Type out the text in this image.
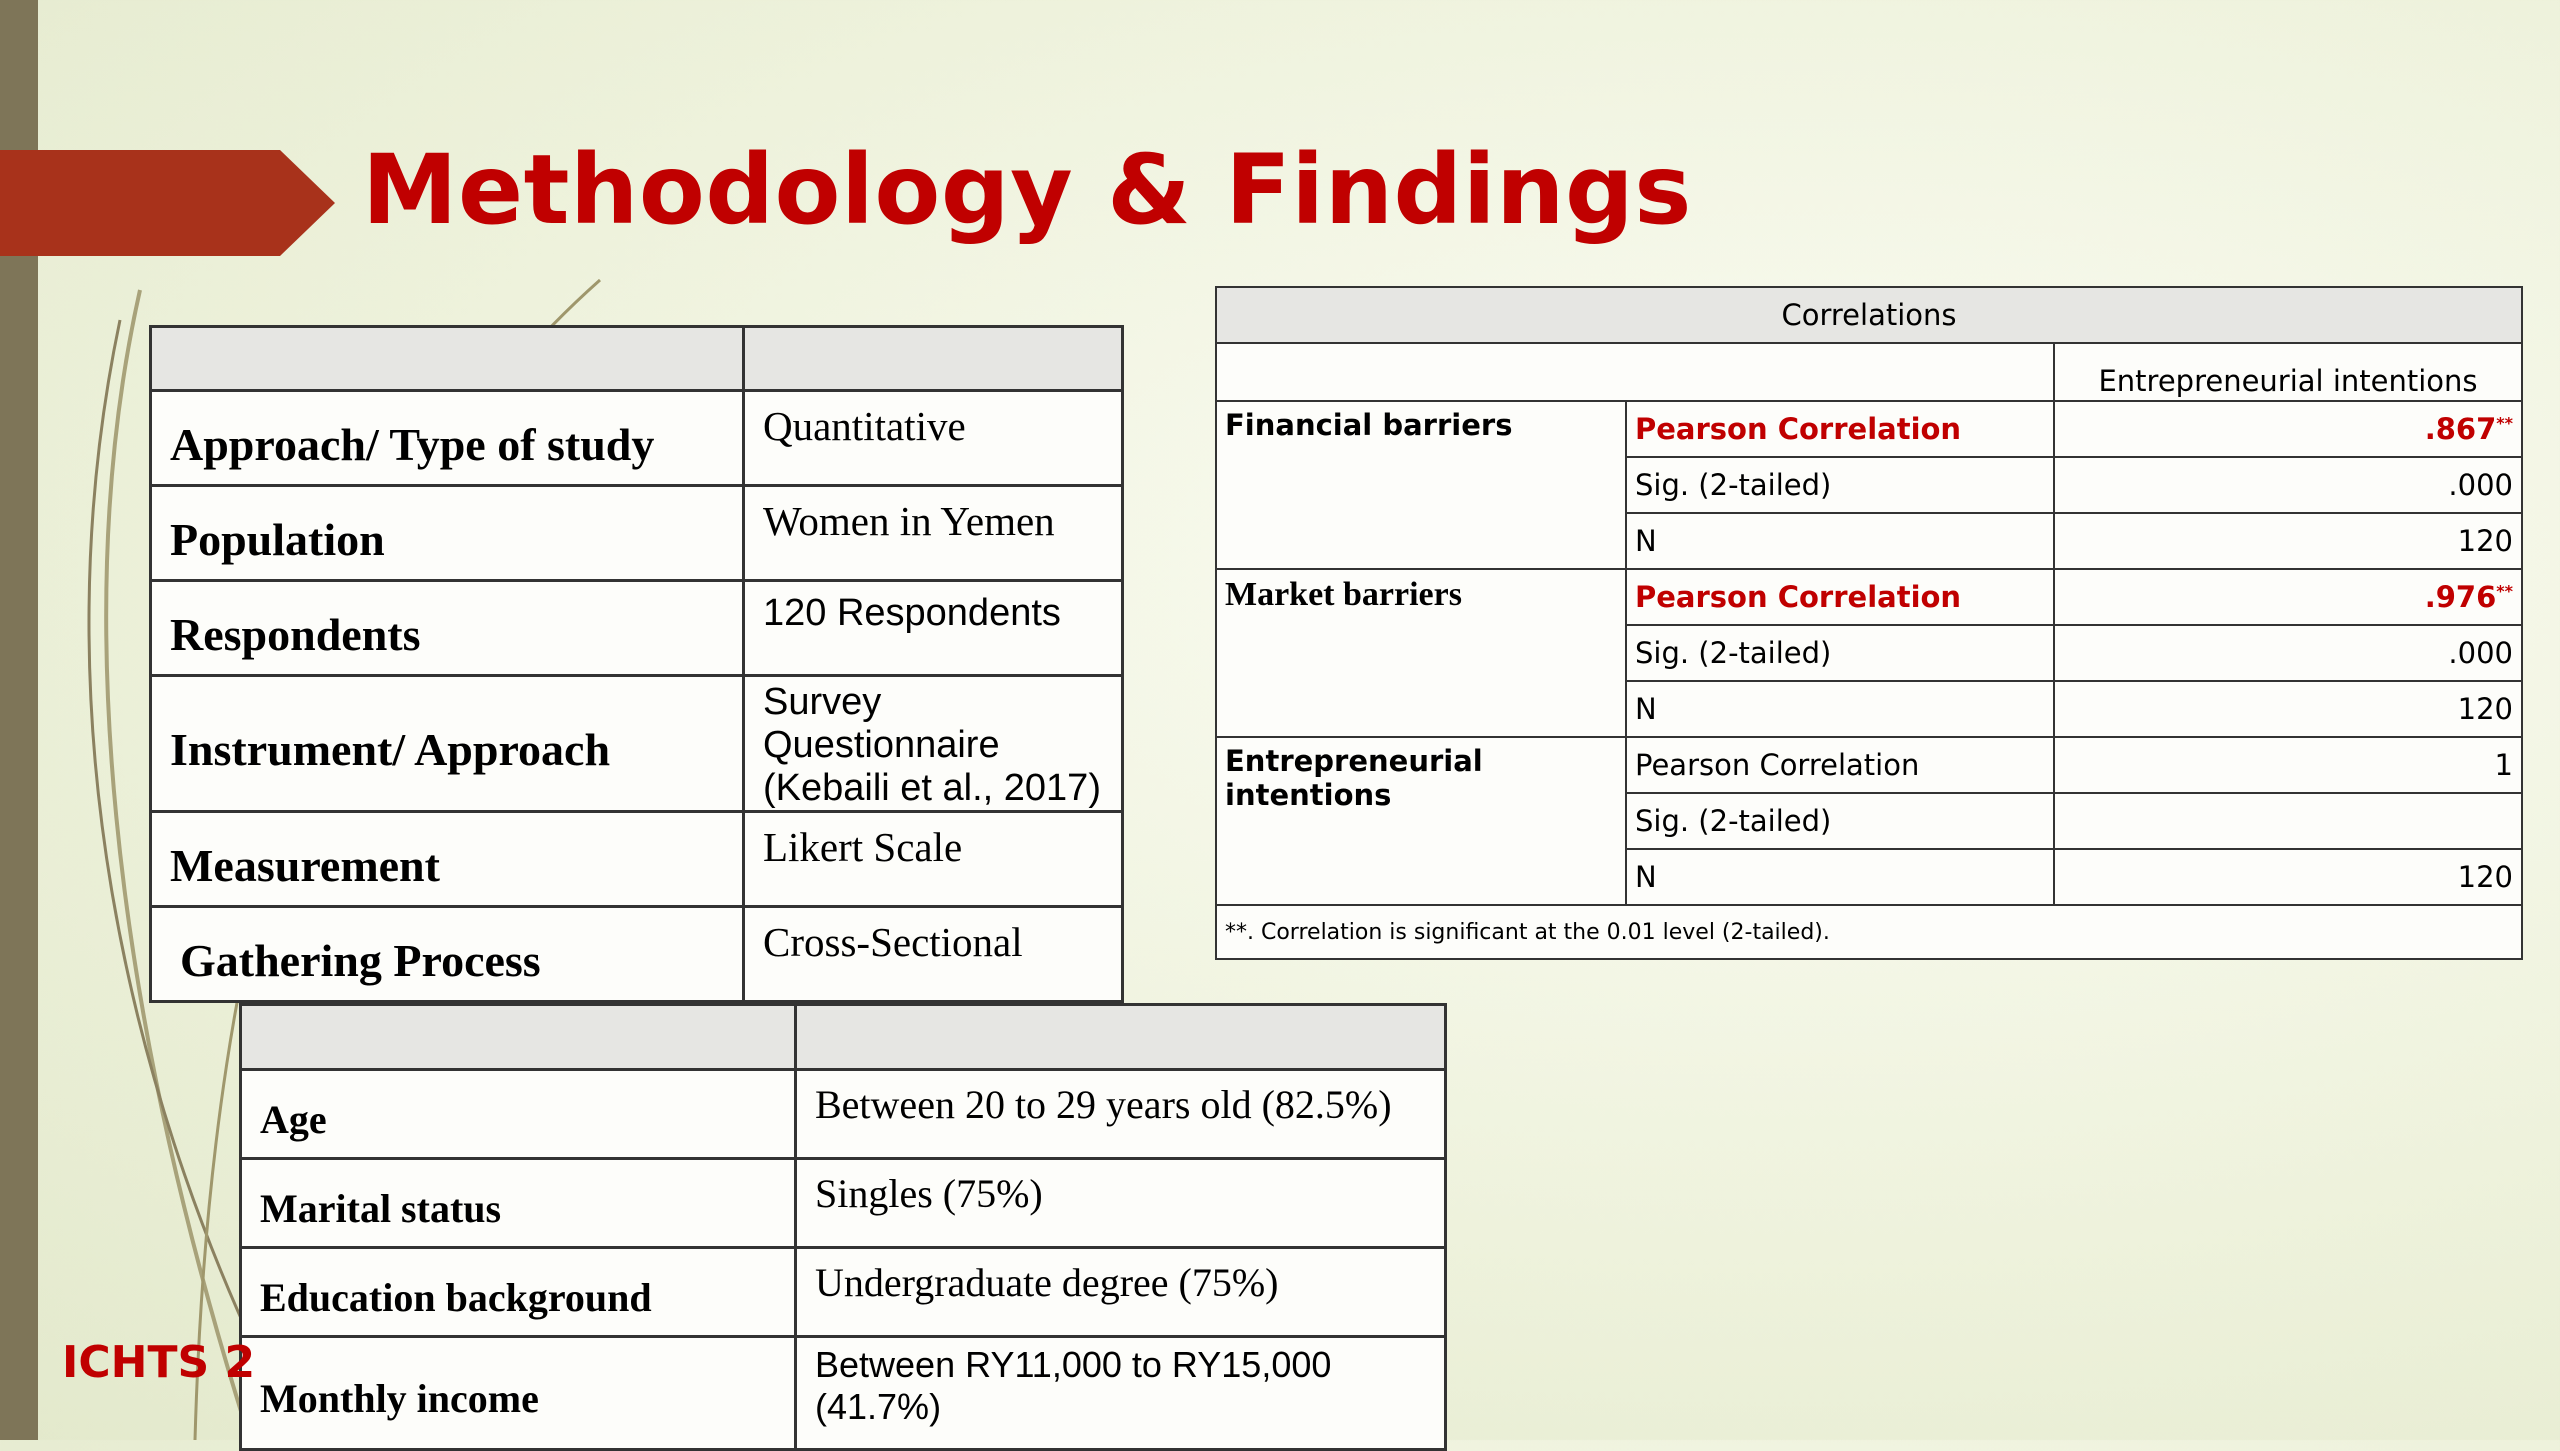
Methodology & Findings

Approach/ Type of study	Quantitative
Population	Women in Yemen
Respondents	120 Respondents
Instrument/ Approach	Survey Questionnaire (Kebaili et al., 2017)
Measurement	Likert Scale
Gathering Process	Cross-Sectional
Correlations		
		Entrepreneurial intentions
Financial barriers	Pearson Correlation	.867**
	Sig. (2-tailed)	.000
	N	120
Market barriers	Pearson Correlation	.976**
	Sig. (2-tailed)	.000
	N	120
Entrepreneurial intentions	Pearson Correlation	1
	Sig. (2-tailed)	
	N	120
**. Correlation is significant at the 0.01 level (2-tailed).		

Age	Between 20 to 29 years old (82.5%)
Marital status	Singles (75%)
Education background	Undergraduate degree (75%)
Monthly income	Between RY11,000 to RY15,000 (41.7%)
ICHTS 2
